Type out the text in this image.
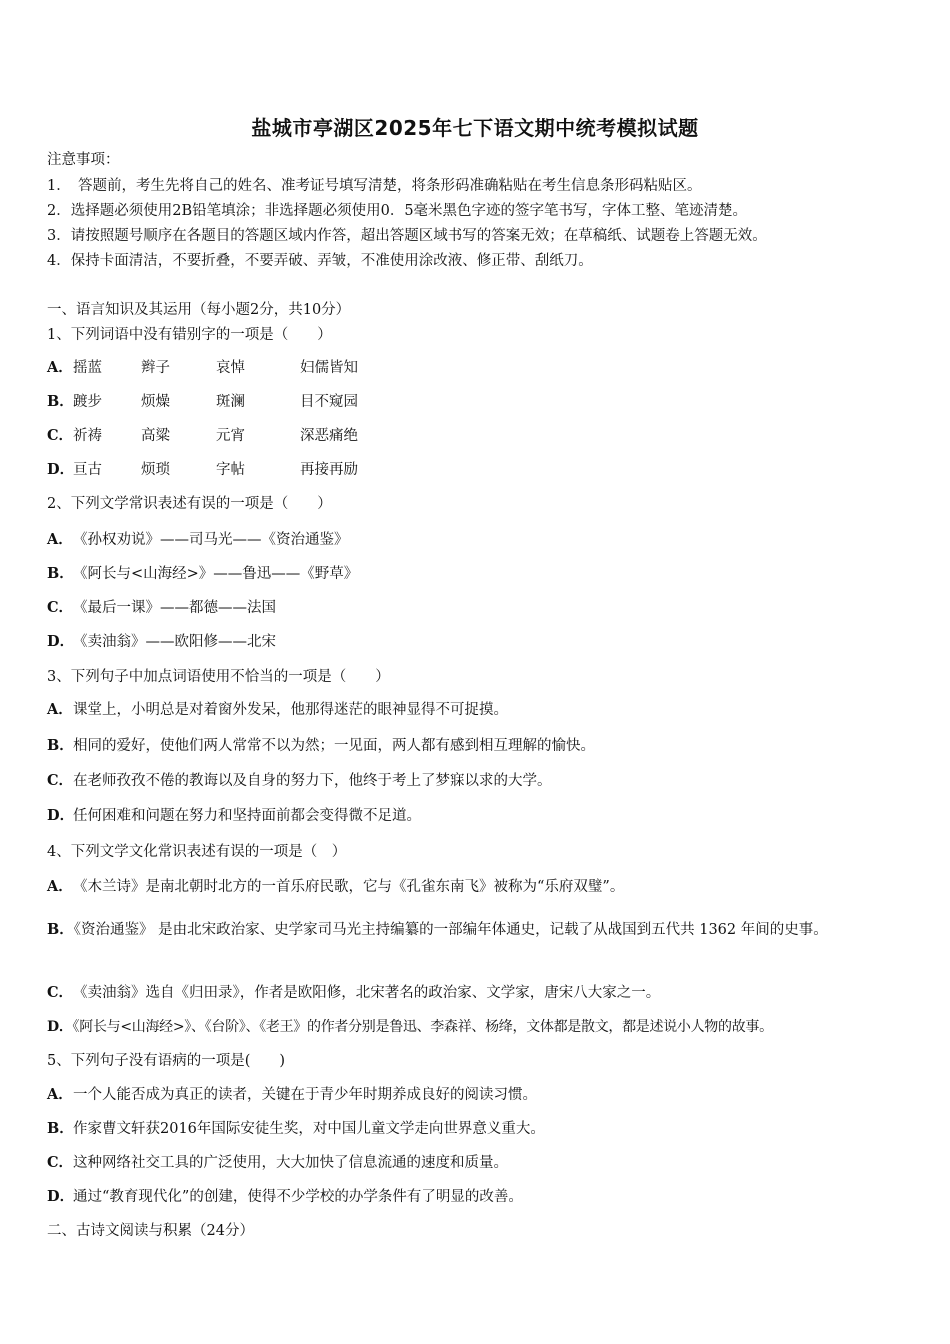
盐城市亭湖区2025年七下语文期中统考模拟试题
注意事项：
1．　答题前，考生先将自己的姓名、准考证号填写清楚，将条形码准确粘贴在考生信息条形码粘贴区。
2．选择题必须使用2B铅笔填涂；非选择题必须使用0．5毫米黑色字迹的签字笔书写，字体工整、笔迹清楚。
3．请按照题号顺序在各题目的答题区域内作答，超出答题区域书写的答案无效；在草稿纸、试题卷上答题无效。
4．保持卡面清洁，不要折叠，不要弄破、弄皱，不准使用涂改液、修正带、刮纸刀。
一、语言知识及其运用（每小题2分，共10分）
1、下列词语中没有错别字的一项是（　　）
A．摇蓝	辫子	哀悼	妇儒皆知
B．踱步	烦燥	斑澜	目不窥园
C．祈祷	高粱	元宵	深恶痛绝
D．亘古	烦琐	字帖	再接再励
2、下列文学常识表述有误的一项是（　　）
A．《孙权劝说》——司马光——《资治通鉴》
B．《阿长与<山海经>》——鲁迅——《野草》
C．《最后一课》——都德——法国
D．《卖油翁》——欧阳修——北宋
3、下列句子中加点词语使用不恰当的一项是（　　）
A．课堂上，小明总是对着窗外发呆，他那得迷茫的眼神显得不可捉摸。
B．相同的爱好，使他们两人常常不以为然；一见面，两人都有感到相互理解的愉快。
C．在老师孜孜不倦的教诲以及自身的努力下，他终于考上了梦寐以求的大学。
D．任何困难和问题在努力和坚持面前都会变得微不足道。
4、下列文学文化常识表述有误的一项是（　）
A．《木兰诗》是南北朝时北方的一首乐府民歌，它与《孔雀东南飞》被称为“乐府双璧”。
B．《资治通鉴》 是由北宋政治家、史学家司马光主持编纂的一部编年体通史，记载了从战国到五代共 1362 年间的史事。
C．《卖油翁》选自《归田录》，作者是欧阳修，北宋著名的政治家、文学家，唐宋八大家之一。
D．《阿长与<山海经>》、《台阶》、《老王》的作者分别是鲁迅、李森祥、杨绛，文体都是散文，都是述说小人物的故事。
5、下列句子没有语病的一项是(　　)
A．一个人能否成为真正的读者，关键在于青少年时期养成良好的阅读习惯。
B．作家曹文轩获2016年国际安徒生奖，对中国儿童文学走向世界意义重大。
C．这种网络社交工具的广泛使用，大大加快了信息流通的速度和质量。
D．通过“教育现代化”的创建，使得不少学校的办学条件有了明显的改善。
二、古诗文阅读与积累（24分）
